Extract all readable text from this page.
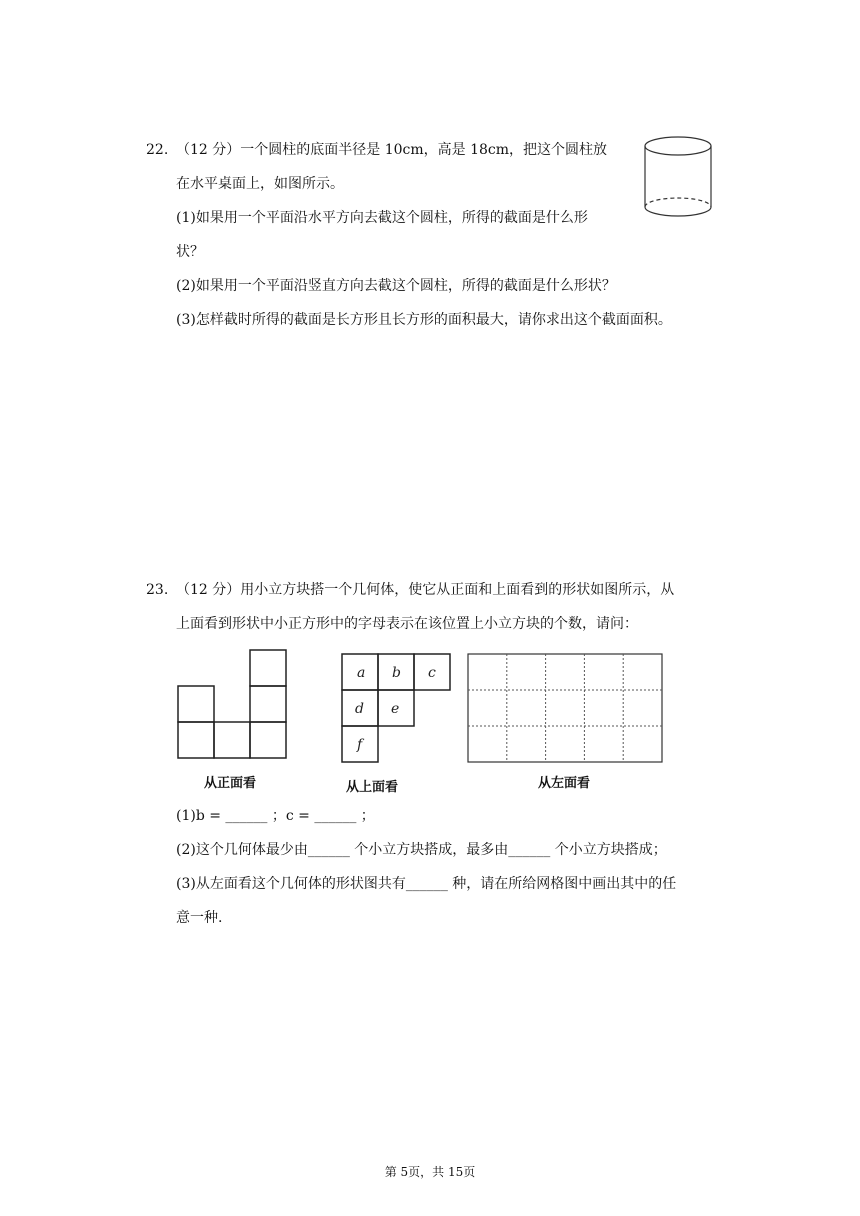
22. （12 分）一个圆柱的底面半径是 10cm，高是 18cm，把这个圆柱放
在水平桌面上，如图所示。
(1)如果用一个平面沿水平方向去截这个圆柱，所得的截面是什么形
状？
(2)如果用一个平面沿竖直方向去截这个圆柱，所得的截面是什么形状？
(3)怎样截时所得的截面是长方形且长方形的面积最大，请你求出这个截面面积。
23. （12 分）用小立方块搭一个几何体，使它从正面和上面看到的形状如图所示，从
上面看到形状中小正方形中的字母表示在该位置上小立方块的个数，请问：
从正面看
a b c
d e
f
从上面看	从左面看
(1)b = ______ ；c = ______ ；
(2)这个几何体最少由______ 个小立方块搭成，最多由______ 个小立方块搭成；
(3)从左面看这个几何体的形状图共有______ 种，请在所给网格图中画出其中的任
意一种.
第 5页，共 15页
